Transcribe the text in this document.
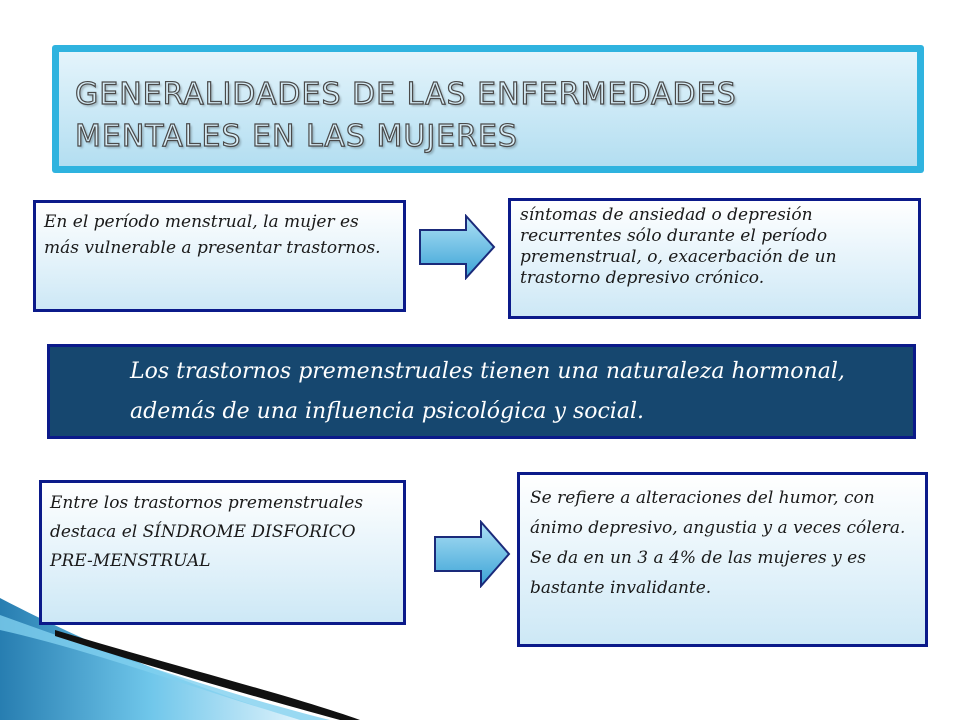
GENERALIDADES DE LAS ENFERMEDADES MENTALES EN LAS MUJERES

En el período menstrual, la mujer es más vulnerable a presentar trastornos.

síntomas de ansiedad o depresión recurrentes sólo durante el período premenstrual, o, exacerbación de un trastorno depresivo crónico.

Los trastornos premenstruales tienen una naturaleza hormonal, además de una influencia psicológica y social.

Entre los trastornos premenstruales destaca el SÍNDROME DISFORICO PRE-MENSTRUAL

Se refiere a alteraciones del humor, con ánimo depresivo, angustia y a veces cólera. Se da en un 3 a 4% de las mujeres y es bastante invalidante.
